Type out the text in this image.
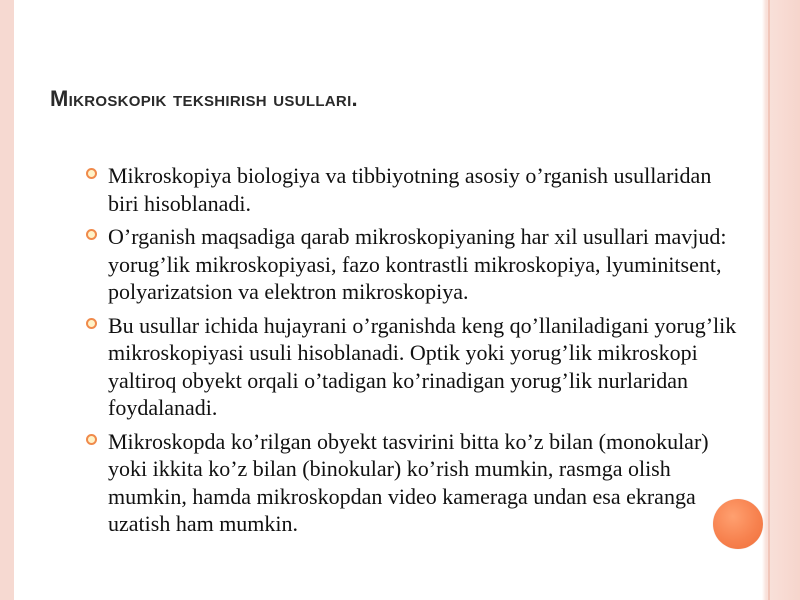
Mikroskopik tekshirish usullari.
Mikroskopiya biologiya va tibbiyotning asosiy o’rganish usullaridan biri hisoblanadi.
O’rganish maqsadiga qarab mikroskopiyaning har xil usullari mavjud: yorug’lik mikroskopiyasi, fazo kontrastli mikroskopiya, lyuminitsent, polyarizatsion va elektron mikroskopiya.
Bu usullar ichida hujayrani o’rganishda keng qo’llaniladigani yorug’lik mikroskopiyasi usuli hisoblanadi. Optik yoki yorug’lik mikroskopi yaltiroq obyekt orqali o’tadigan ko’rinadigan yorug’lik nurlaridan foydalanadi.
Mikroskopda ko’rilgan obyekt tasvirini bitta ko’z bilan (monokular) yoki ikkita ko’z bilan (binokular) ko’rish mumkin, rasmga olish mumkin, hamda mikroskopdan video kameraga undan esa ekranga uzatish ham mumkin.
